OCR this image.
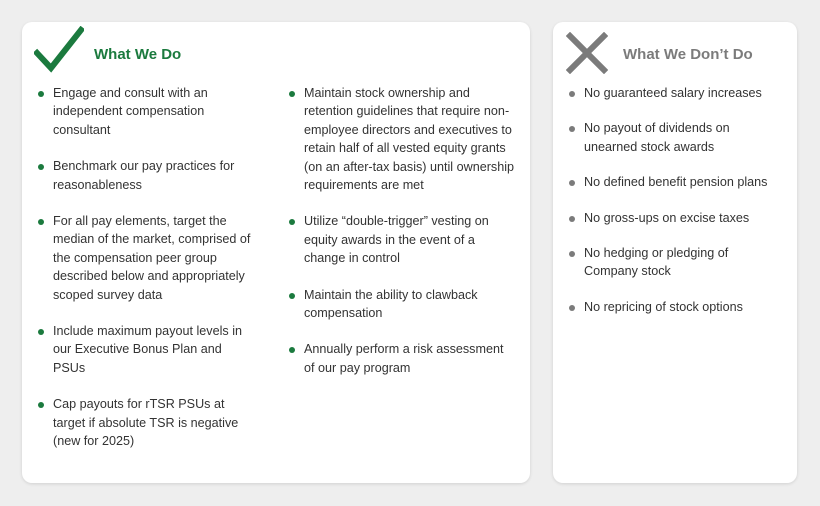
What We Do
Engage and consult with an independent compensation consultant
Benchmark our pay practices for reasonableness
For all pay elements, target the median of the market, comprised of the compensation peer group described below and appropriately scoped survey data
Include maximum payout levels in our Executive Bonus Plan and PSUs
Cap payouts for rTSR PSUs at target if absolute TSR is negative (new for 2025)
Maintain stock ownership and retention guidelines that require non-employee directors and executives to retain half of all vested equity grants (on an after-tax basis) until ownership requirements are met
Utilize “double-trigger” vesting on equity awards in the event of a change in control
Maintain the ability to clawback compensation
Annually perform a risk assessment of our pay program
What We Don’t Do
No guaranteed salary increases
No payout of dividends on unearned stock awards
No defined benefit pension plans
No gross-ups on excise taxes
No hedging or pledging of Company stock
No repricing of stock options
